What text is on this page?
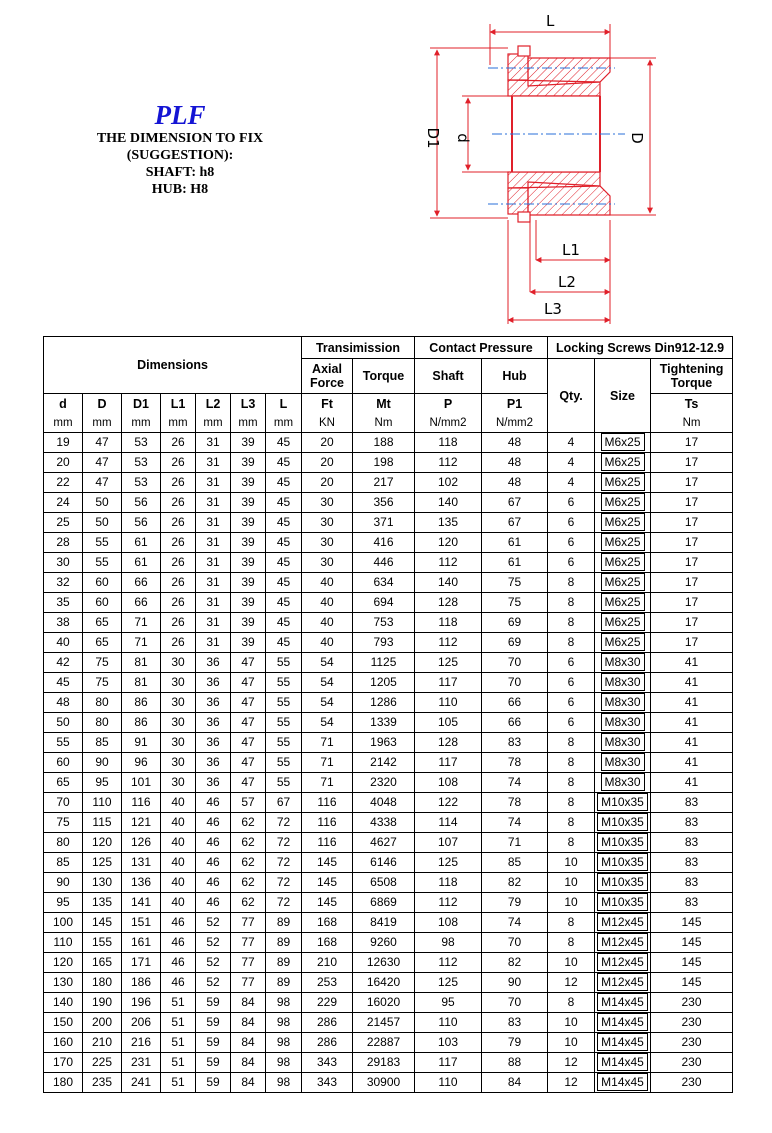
PLF
THE DIMENSION TO FIX
(SUGGESTION):
SHAFT: h8
HUB: H8
L
D1 d	D
L1
L2
L3
Dimensions							Transimission		Contact Pressure		Locking Screws Din912-12.9		
							Axial Force	Torque	Shaft	Hub	Qty.	Size	Tightening Torque
d	D	D1	L1	L2	L3	L	Ft	Mt	P	P1			Ts
mm	mm	mm	mm	mm	mm	mm	KN	Nm	N/mm2	N/mm2			Nm
19	47	53	26	31	39	45	20	188	118	48	4	M6x25	17
20	47	53	26	31	39	45	20	198	112	48	4	M6x25	17
22	47	53	26	31	39	45	20	217	102	48	4	M6x25	17
24	50	56	26	31	39	45	30	356	140	67	6	M6x25	17
25	50	56	26	31	39	45	30	371	135	67	6	M6x25	17
28	55	61	26	31	39	45	30	416	120	61	6	M6x25	17
30	55	61	26	31	39	45	30	446	112	61	6	M6x25	17
32	60	66	26	31	39	45	40	634	140	75	8	M6x25	17
35	60	66	26	31	39	45	40	694	128	75	8	M6x25	17
38	65	71	26	31	39	45	40	753	118	69	8	M6x25	17
40	65	71	26	31	39	45	40	793	112	69	8	M6x25	17
42	75	81	30	36	47	55	54	1125	125	70	6	M8x30	41
45	75	81	30	36	47	55	54	1205	117	70	6	M8x30	41
48	80	86	30	36	47	55	54	1286	110	66	6	M8x30	41
50	80	86	30	36	47	55	54	1339	105	66	6	M8x30	41
55	85	91	30	36	47	55	71	1963	128	83	8	M8x30	41
60	90	96	30	36	47	55	71	2142	117	78	8	M8x30	41
65	95	101	30	36	47	55	71	2320	108	74	8	M8x30	41
70	110	116	40	46	57	67	116	4048	122	78	8	M10x35	83
75	115	121	40	46	62	72	116	4338	114	74	8	M10x35	83
80	120	126	40	46	62	72	116	4627	107	71	8	M10x35	83
85	125	131	40	46	62	72	145	6146	125	85	10	M10x35	83
90	130	136	40	46	62	72	145	6508	118	82	10	M10x35	83
95	135	141	40	46	62	72	145	6869	112	79	10	M10x35	83
100	145	151	46	52	77	89	168	8419	108	74	8	M12x45	145
110	155	161	46	52	77	89	168	9260	98	70	8	M12x45	145
120	165	171	46	52	77	89	210	12630	112	82	10	M12x45	145
130	180	186	46	52	77	89	253	16420	125	90	12	M12x45	145
140	190	196	51	59	84	98	229	16020	95	70	8	M14x45	230
150	200	206	51	59	84	98	286	21457	110	83	10	M14x45	230
160	210	216	51	59	84	98	286	22887	103	79	10	M14x45	230
170	225	231	51	59	84	98	343	29183	117	88	12	M14x45	230
180	235	241	51	59	84	98	343	30900	110	84	12	M14x45	230
